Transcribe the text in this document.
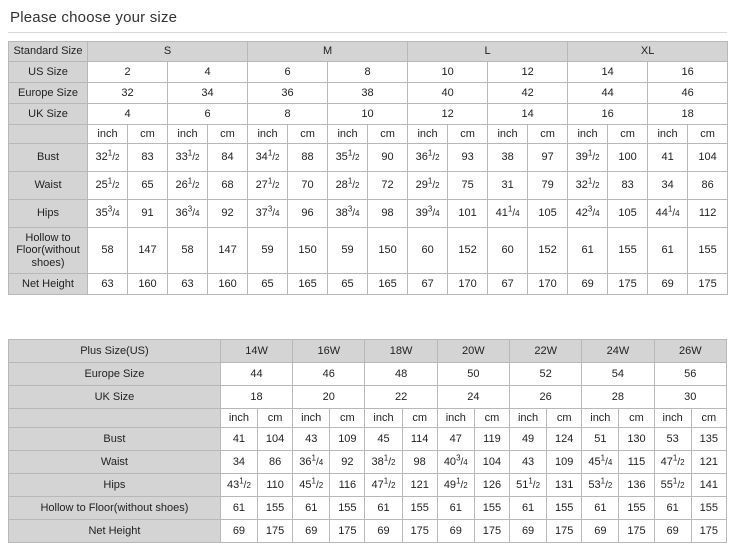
Please choose your size
Standard Size	S				M				L				XL			
US Size	2		4		6		8		10		12		14		16	
Europe Size	32		34		36		38		40		42		44		46	
UK Size	4		6		8		10		12		14		16		18	
	inch	cm	inch	cm	inch	cm	inch	cm	inch	cm	inch	cm	inch	cm	inch	cm
Bust	$32^1/2$	83	$33^1/2$	84	$34^1/2$	88	$35^1/2$	90	$36^1/2$	93	38	97	$39^1/2$	100	41	104
Waist	$25^1/2$	65	$26^1/2$	68	$27^1/2$	70	$28^1/2$	72	$29^1/2$	75	31	79	$32^1/2$	83	34	86
Hips	$35^3/4$	91	$36^3/4$	92	$37^3/4$	96	$38^3/4$	98	$39^3/4$	101	$41^1/4$	105	$42^3/4$	105	$44^1/4$	112
Hollow to Floor(without shoes)	58	147	58	147	59	150	59	150	60	152	60	152	61	155	61	155
Net Height	63	160	63	160	65	165	65	165	67	170	67	170	69	175	69	175
Plus Size(US)	14W		16W		18W		20W		22W		24W		26W	
Europe Size	44		46		48		50		52		54		56	
UK Size	18		20		22		24		26		28		30	
	inch	cm	inch	cm	inch	cm	inch	cm	inch	cm	inch	cm	inch	cm
Bust	41	104	43	109	45	114	47	119	49	124	51	130	53	135
Waist	34	86	$36^1/4$	92	$38^1/2$	98	$40^3/4$	104	43	109	$45^1/4$	115	$47^1/2$	121
Hips	$43^1/2$	110	$45^1/2$	116	$47^1/2$	121	$49^1/2$	126	$51^1/2$	131	$53^1/2$	136	$55^1/2$	141
Hollow to Floor(without shoes)	61	155	61	155	61	155	61	155	61	155	61	155	61	155
Net Height	69	175	69	175	69	175	69	175	69	175	69	175	69	175
